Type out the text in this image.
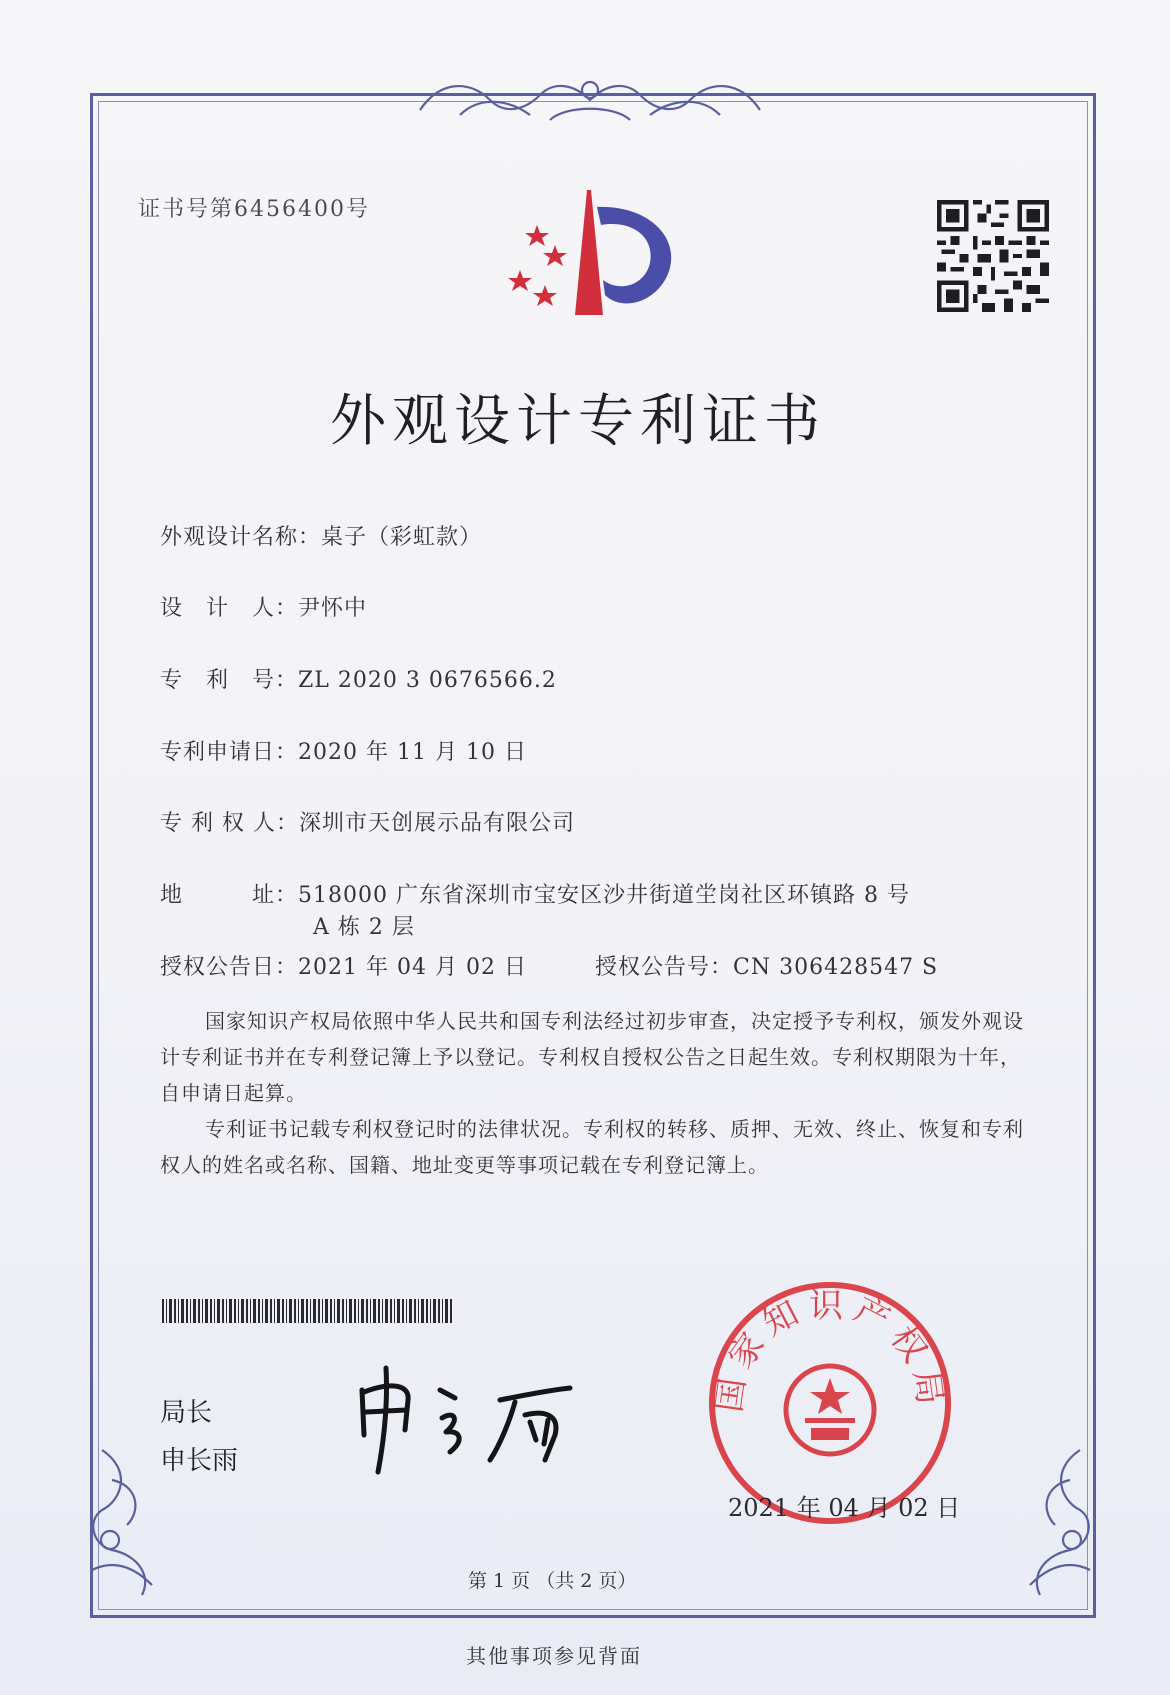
证书号第6456400号
外观设计专利证书
外观设计名称：桌子（彩虹款）
设　计　人：尹怀中
专　利　号：ZL 2020 3 0676566.2
专利申请日：2020 年 11 月 10 日
专 利 权 人：深圳市天创展示品有限公司
地　　　址：518000 广东省深圳市宝安区沙井街道坣岗社区环镇路 8 号
A 栋 2 层
授权公告日：2021 年 04 月 02 日	授权公告号：CN 306428547 S

国家知识产权局依照中华人民共和国专利法经过初步审查，决定授予专利权，颁发外观设计专利证书并在专利登记簿上予以登记。专利权自授权公告之日起生效。专利权期限为十年，自申请日起算。

专利证书记载专利权登记时的法律状况。专利权的转移、质押、无效、终止、恢复和专利权人的姓名或名称、国籍、地址变更等事项记载在专利登记簿上。

局长
申长雨
国家知识产权局
2021 年 04 月 02 日
第 1 页 （共 2 页）
其他事项参见背面
